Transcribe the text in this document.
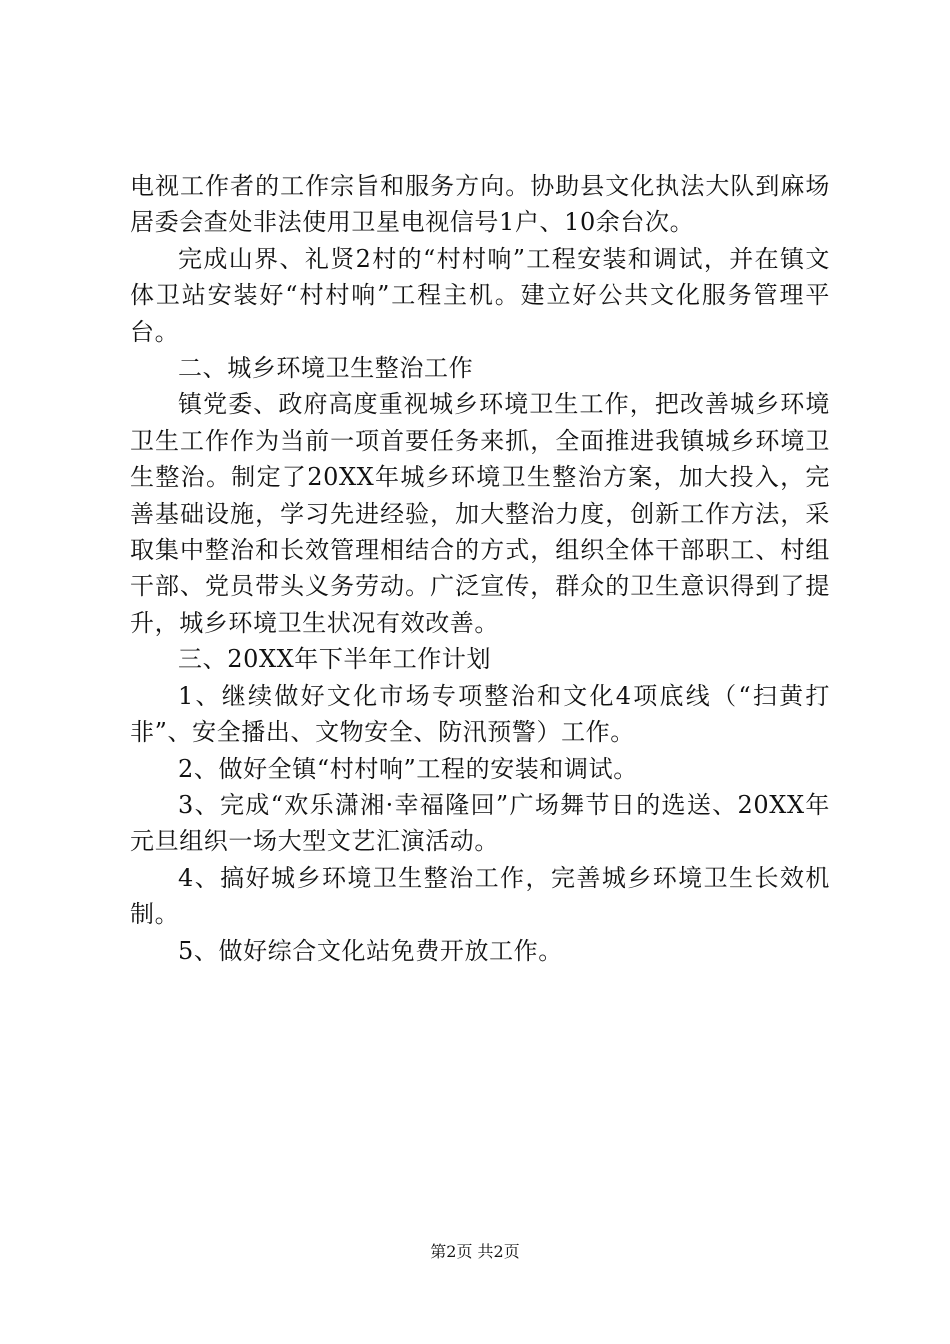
电视工作者的工作宗旨和服务方向。协助县文化执法大队到麻场居委会查处非法使用卫星电视信号1户、10余台次。

完成山界、礼贤2村的“村村响”工程安装和调试，并在镇文体卫站安装好“村村响”工程主机。建立好公共文化服务管理平台。

二、城乡环境卫生整治工作

镇党委、政府高度重视城乡环境卫生工作，把改善城乡环境卫生工作作为当前一项首要任务来抓，全面推进我镇城乡环境卫生整治。制定了20XX年城乡环境卫生整治方案，加大投入，完善基础设施，学习先进经验，加大整治力度，创新工作方法，采取集中整治和长效管理相结合的方式，组织全体干部职工、村组干部、党员带头义务劳动。广泛宣传，群众的卫生意识得到了提升，城乡环境卫生状况有效改善。

三、20XX年下半年工作计划

1、继续做好文化市场专项整治和文化4项底线（“扫黄打非”、安全播出、文物安全、防汛预警）工作。

2、做好全镇“村村响”工程的安装和调试。

3、完成“欢乐潇湘·幸福隆回”广场舞节日的选送、20XX年元旦组织一场大型文艺汇演活动。

4、搞好城乡环境卫生整治工作，完善城乡环境卫生长效机制。

5、做好综合文化站免费开放工作。

第2页 共2页
